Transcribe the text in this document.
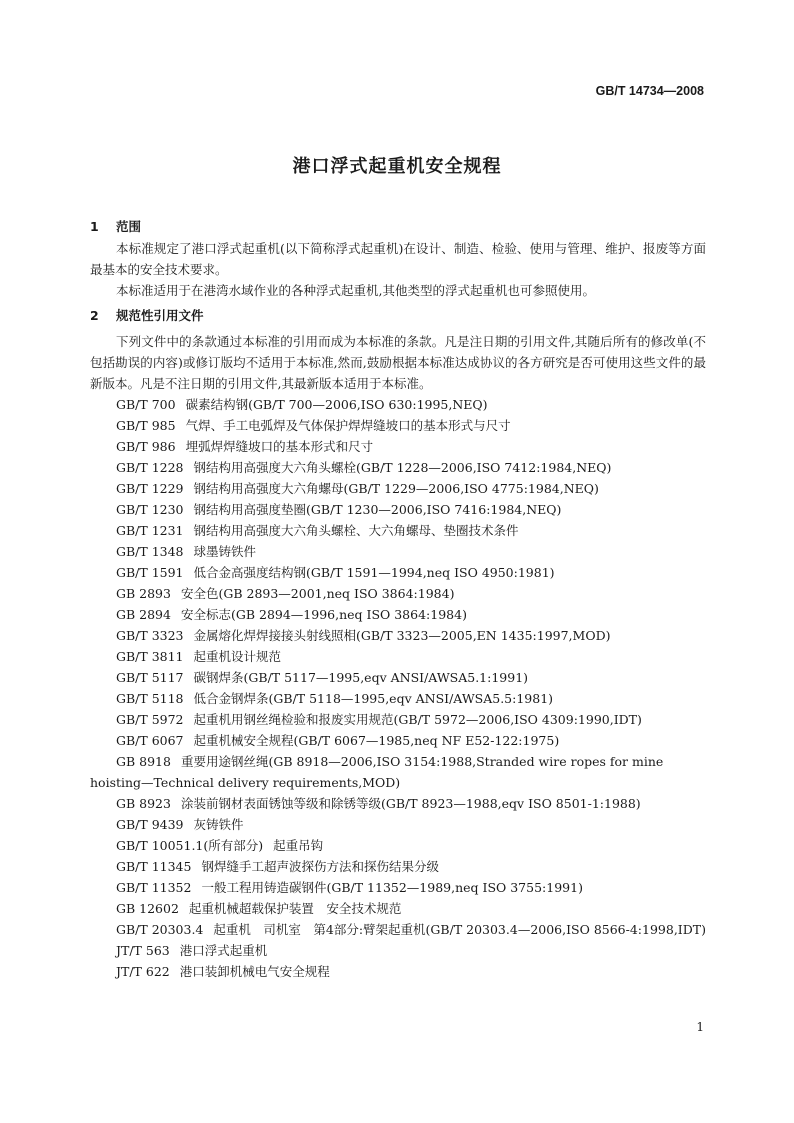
GB/T 14734—2008
港口浮式起重机安全规程
1 范围

本标准规定了港口浮式起重机(以下简称浮式起重机)在设计、制造、检验、使用与管理、维护、报废等方面最基本的安全技术要求。

本标准适用于在港湾水域作业的各种浮式起重机,其他类型的浮式起重机也可参照使用。

2 规范性引用文件

下列文件中的条款通过本标准的引用而成为本标准的条款。凡是注日期的引用文件,其随后所有的修改单(不包括勘误的内容)或修订版均不适用于本标准,然而,鼓励根据本标准达成协议的各方研究是否可使用这些文件的最新版本。凡是不注日期的引用文件,其最新版本适用于本标准。

GB/T 700 碳素结构钢(GB/T 700—2006,ISO 630:1995,NEQ)
GB/T 985 气焊、手工电弧焊及气体保护焊焊缝坡口的基本形式与尺寸
GB/T 986 埋弧焊焊缝坡口的基本形式和尺寸
GB/T 1228 钢结构用高强度大六角头螺栓(GB/T 1228—2006,ISO 7412:1984,NEQ)
GB/T 1229 钢结构用高强度大六角螺母(GB/T 1229—2006,ISO 4775:1984,NEQ)
GB/T 1230 钢结构用高强度垫圈(GB/T 1230—2006,ISO 7416:1984,NEQ)
GB/T 1231 钢结构用高强度大六角头螺栓、大六角螺母、垫圈技术条件
GB/T 1348 球墨铸铁件
GB/T 1591 低合金高强度结构钢(GB/T 1591—1994,neq ISO 4950:1981)
GB 2893 安全色(GB 2893—2001,neq ISO 3864:1984)
GB 2894 安全标志(GB 2894—1996,neq ISO 3864:1984)
GB/T 3323 金属熔化焊焊接接头射线照相(GB/T 3323—2005,EN 1435:1997,MOD)
GB/T 3811 起重机设计规范
GB/T 5117 碳钢焊条(GB/T 5117—1995,eqv ANSI/AWSA5.1:1991)
GB/T 5118 低合金钢焊条(GB/T 5118—1995,eqv ANSI/AWSA5.5:1981)
GB/T 5972 起重机用钢丝绳检验和报废实用规范(GB/T 5972—2006,ISO 4309:1990,IDT)
GB/T 6067 起重机械安全规程(GB/T 6067—1985,neq NF E52-122:1975)
GB 8918 重要用途钢丝绳(GB 8918—2006,ISO 3154:1988,Stranded wire ropes for mine hoisting—Technical delivery requirements,MOD)
GB 8923 涂装前钢材表面锈蚀等级和除锈等级(GB/T 8923—1988,eqv ISO 8501-1:1988)
GB/T 9439 灰铸铁件
GB/T 10051.1(所有部分) 起重吊钩
GB/T 11345 钢焊缝手工超声波探伤方法和探伤结果分级
GB/T 11352 一般工程用铸造碳钢件(GB/T 11352—1989,neq ISO 3755:1991)
GB 12602 起重机械超载保护装置　安全技术规范
GB/T 20303.4 起重机　司机室　第4部分:臂架起重机(GB/T 20303.4—2006,ISO 8566-4:1998,IDT)
JT/T 563 港口浮式起重机
JT/T 622 港口装卸机械电气安全规程
1
